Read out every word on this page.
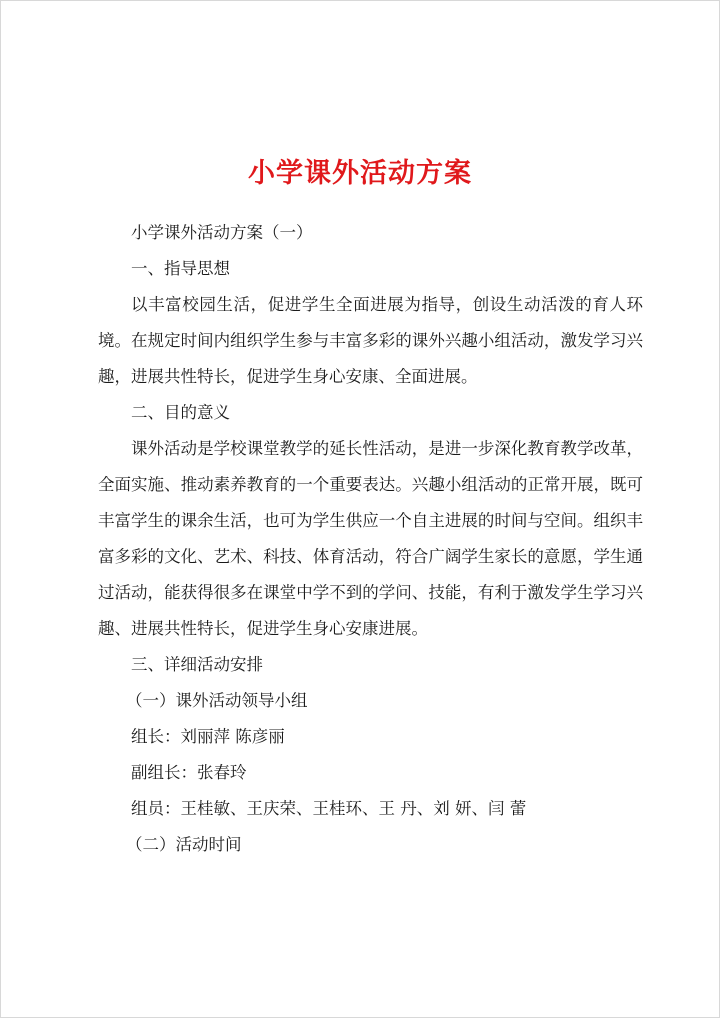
小学课外活动方案

小学课外活动方案（一）

一、指导思想

以丰富校园生活，促进学生全面进展为指导，创设生动活泼的育人环境。在规定时间内组织学生参与丰富多彩的课外兴趣小组活动，激发学习兴趣，进展共性特长，促进学生身心安康、全面进展。

二、目的意义

课外活动是学校课堂教学的延长性活动，是进一步深化教育教学改革，全面实施、推动素养教育的一个重要表达。兴趣小组活动的正常开展，既可丰富学生的课余生活，也可为学生供应一个自主进展的时间与空间。组织丰富多彩的文化、艺术、科技、体育活动，符合广阔学生家长的意愿，学生通过活动，能获得很多在课堂中学不到的学问、技能，有利于激发学生学习兴趣、进展共性特长，促进学生身心安康进展。

三、详细活动安排

（一）课外活动领导小组

组长：刘丽萍 陈彦丽

副组长：张春玲

组员：王桂敏、王庆荣、王桂环、王 丹、刘 妍、闫 蕾

（二）活动时间
